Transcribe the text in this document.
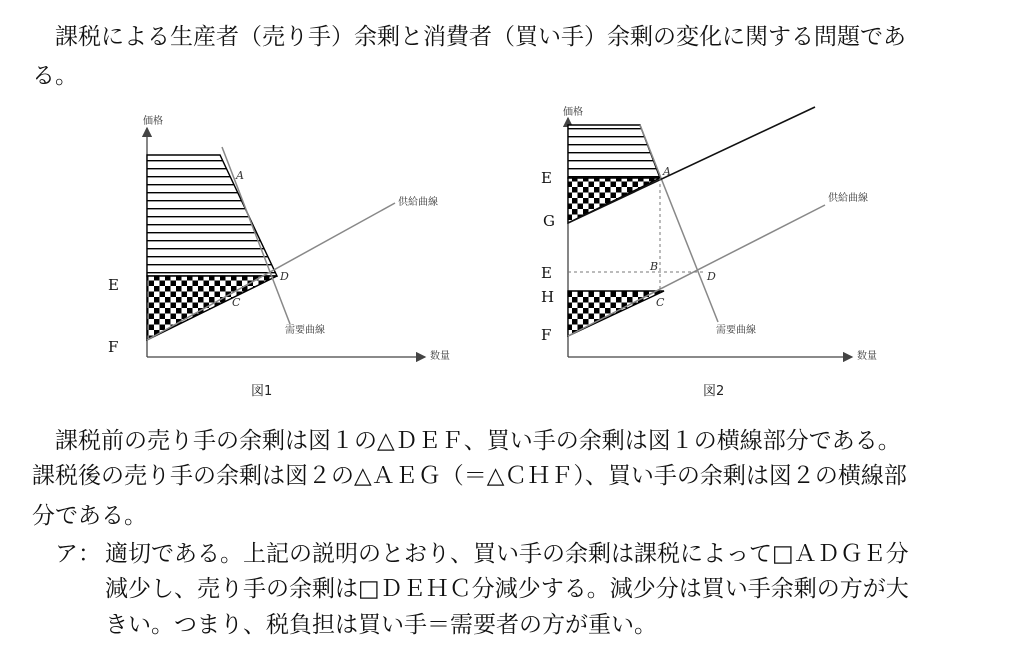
課税による生産者（売り手）余剰と消費者（買い手）余剰の変化に関する問題であ
る。
価格
数量
供給曲線
需要曲線
E
F
A
C
D
図1
価格
数量
供給曲線
需要曲線
E
G
E
H
F
A
B
C
D
図2
課税前の売り手の余剰は図１の△ＤＥＦ、買い手の余剰は図１の横線部分である。
課税後の売り手の余剰は図２の△ＡＥＧ（＝△ＣＨＦ）、買い手の余剰は図２の横線部
分である。
ア： 適切である。上記の説明のとおり、買い手の余剰は課税によって□ＡＤＧＥ分
減少し、売り手の余剰は□ＤＥＨＣ分減少する。減少分は買い手余剰の方が大
きい。つまり、税負担は買い手＝需要者の方が重い。
